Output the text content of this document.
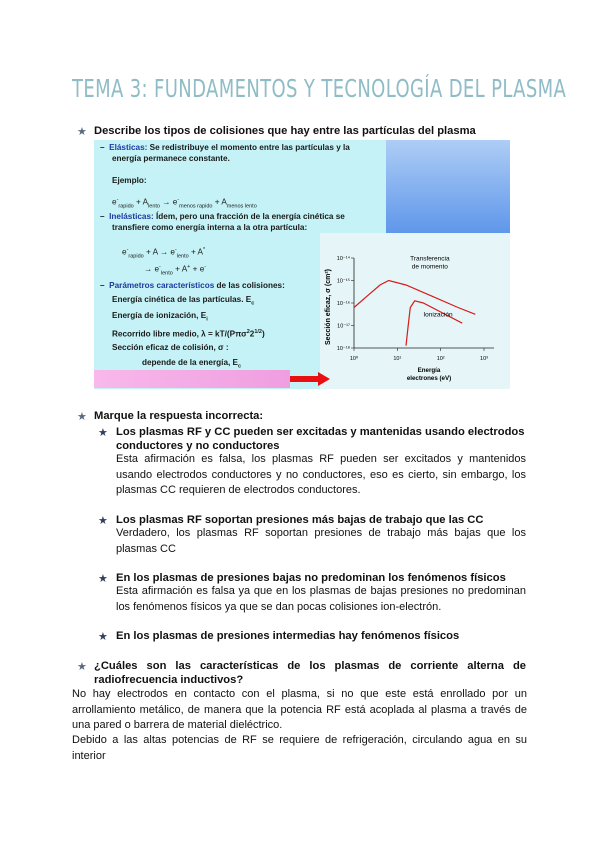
TEMA 3: FUNDAMENTOS Y TECNOLOGÍA DEL PLASMA
★ Describe los tipos de colisiones que hay entre las partículas del plasma
– Elásticas: Se redistribuye el momento entre las partículas y la
energía permanece constante.
Ejemplo:
$e^-_{rapido} + A_{lento} \to e^-_{menos rapido} + A_{menos lento}$
– Inelásticas: Ídem, pero una fracción de la energía cinética se
transfiere como energía interna a la otra partícula:
$e^-_{rapido} + A \to e^-_{lento} + A^*$
→ $e^-_{lento} + A^+ + e^-$
– Parámetros característicos de las colisiones:
Energía cinética de las partículas. $E_c$
Energía de ionización, $E_i$
Recorrido libre medio, $\lambda = kT/(P\pi\sigma^22^{1/2})$
Sección eficaz de colisión, σ :
depende de la energía, $E_c$
10⁻¹⁴
10⁻¹⁵
10⁻¹⁶
10⁻¹⁷
10⁻¹⁸
10⁰	10¹	10²	10³
Energía
electrones (eV)
Sección eficaz, σ (cm²)
Transferencia
de momento
Ionización
★ Marque la respuesta incorrecta:
★ Los plasmas RF y CC pueden ser excitadas y mantenidas usando electrodos
conductores y no conductores
Esta afirmación es falsa, los plasmas RF pueden ser excitados y mantenidos usando electrodos conductores y no conductores, eso es cierto, sin embargo, los plasmas CC requieren de electrodos conductores.
★ Los plasmas RF soportan presiones más bajas de trabajo que las CC
Verdadero, los plasmas RF soportan presiones de trabajo más bajas que los plasmas CC
★ En los plasmas de presiones bajas no predominan los fenómenos físicos
Esta afirmación es falsa ya que en los plasmas de bajas presiones no predominan los fenómenos físicos ya que se dan pocas colisiones ion-electrón.
★ En los plasmas de presiones intermedias hay fenómenos físicos
★ ¿Cuáles son las características de los plasmas de corriente alterna de radiofrecuencia inductivos?
No hay electrodos en contacto con el plasma, si no que este está enrollado por un arrollamiento metálico, de manera que la potencia RF está acoplada al plasma a través de una pared o barrera de material dieléctrico.
Debido a las altas potencias de RF se requiere de refrigeración, circulando agua en su interior
